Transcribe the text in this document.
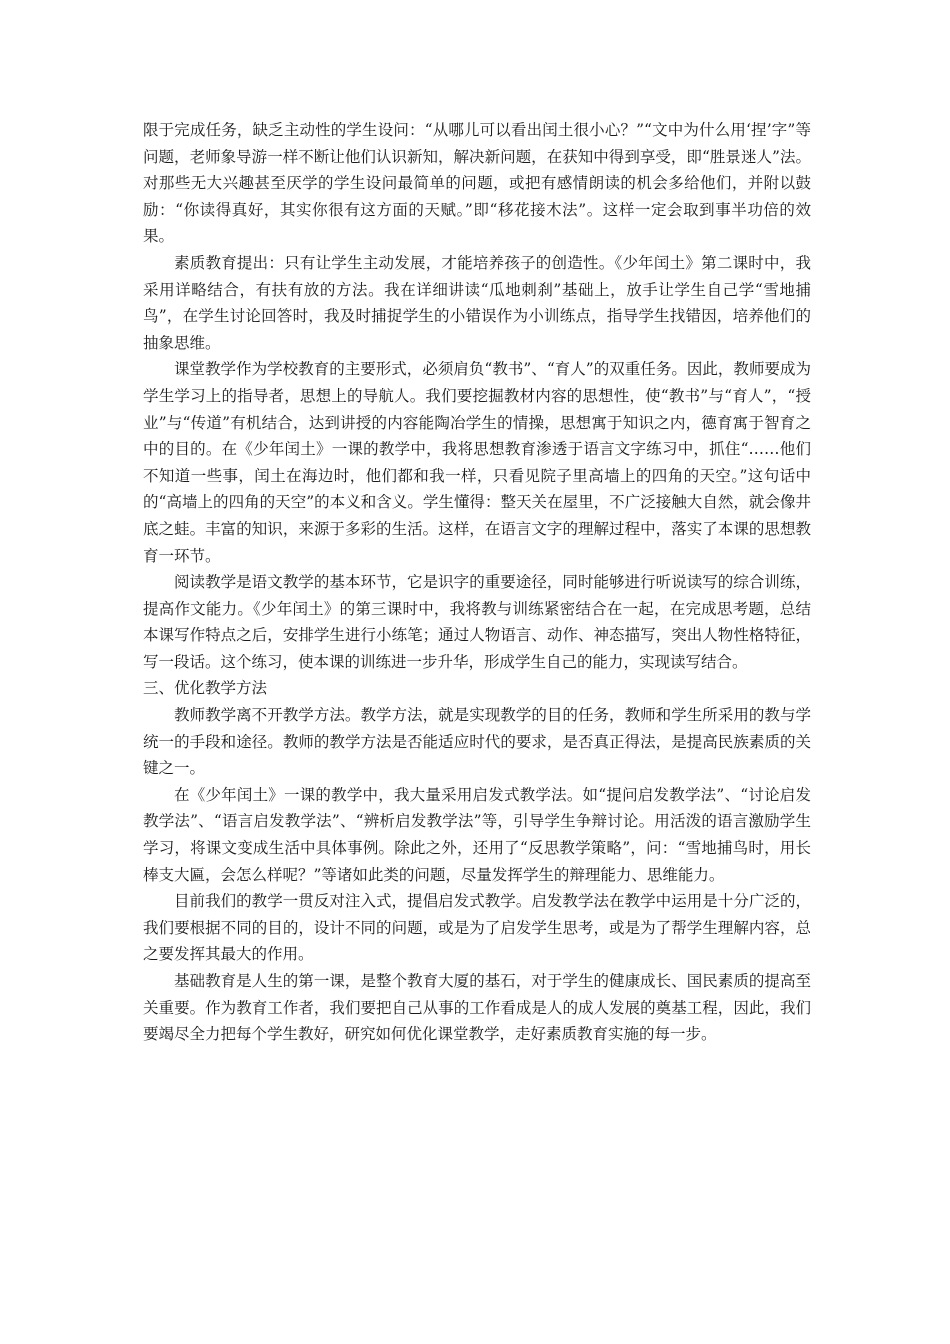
限于完成任务，缺乏主动性的学生设问：“从哪儿可以看出闰土很小心？”“文中为什么用‘捏’字”等问题，老师象导游一样不断让他们认识新知，解决新问题，在获知中得到享受，即“胜景迷人”法。对那些无大兴趣甚至厌学的学生设问最简单的问题，或把有感情朗读的机会多给他们，并附以鼓励：“你读得真好，其实你很有这方面的天赋。”即“移花接木法”。这样一定会取到事半功倍的效果。

素质教育提出：只有让学生主动发展，才能培养孩子的创造性。《少年闰土》第二课时中，我采用详略结合，有扶有放的方法。我在详细讲读“瓜地刺刹”基础上，放手让学生自己学“雪地捕鸟”，在学生讨论回答时，我及时捕捉学生的小错误作为小训练点，指导学生找错因，培养他们的抽象思维。

课堂教学作为学校教育的主要形式，必须肩负“教书”、“育人”的双重任务。因此，教师要成为学生学习上的指导者，思想上的导航人。我们要挖掘教材内容的思想性，使“教书”与“育人”，“授业”与“传道”有机结合，达到讲授的内容能陶冶学生的情操，思想寓于知识之内，德育寓于智育之中的目的。在《少年闰土》一课的教学中，我将思想教育渗透于语言文字练习中，抓住“……他们不知道一些事，闰土在海边时，他们都和我一样，只看见院子里高墙上的四角的天空。”这句话中的“高墙上的四角的天空”的本义和含义。学生懂得：整天关在屋里，不广泛接触大自然，就会像井底之蛙。丰富的知识，来源于多彩的生活。这样，在语言文字的理解过程中，落实了本课的思想教育一环节。

阅读教学是语文教学的基本环节，它是识字的重要途径，同时能够进行听说读写的综合训练，提高作文能力。《少年闰土》的第三课时中，我将教与训练紧密结合在一起，在完成思考题，总结本课写作特点之后，安排学生进行小练笔；通过人物语言、动作、神态描写，突出人物性格特征，写一段话。这个练习，使本课的训练进一步升华，形成学生自己的能力，实现读写结合。

三、优化教学方法

教师教学离不开教学方法。教学方法，就是实现教学的目的任务，教师和学生所采用的教与学统一的手段和途径。教师的教学方法是否能适应时代的要求，是否真正得法，是提高民族素质的关键之一。

在《少年闰土》一课的教学中，我大量采用启发式教学法。如“提问启发教学法”、“讨论启发教学法”、“语言启发教学法”、“辨析启发教学法”等，引导学生争辩讨论。用活泼的语言激励学生学习，将课文变成生活中具体事例。除此之外，还用了“反思教学策略”，问：“雪地捕鸟时，用长棒支大匾，会怎么样呢？”等诸如此类的问题，尽量发挥学生的辩理能力、思维能力。

目前我们的教学一贯反对注入式，提倡启发式教学。启发教学法在教学中运用是十分广泛的，我们要根据不同的目的，设计不同的问题，或是为了启发学生思考，或是为了帮学生理解内容，总之要发挥其最大的作用。

基础教育是人生的第一课，是整个教育大厦的基石，对于学生的健康成长、国民素质的提高至关重要。作为教育工作者，我们要把自己从事的工作看成是人的成人发展的奠基工程，因此，我们要竭尽全力把每个学生教好，研究如何优化课堂教学，走好素质教育实施的每一步。
